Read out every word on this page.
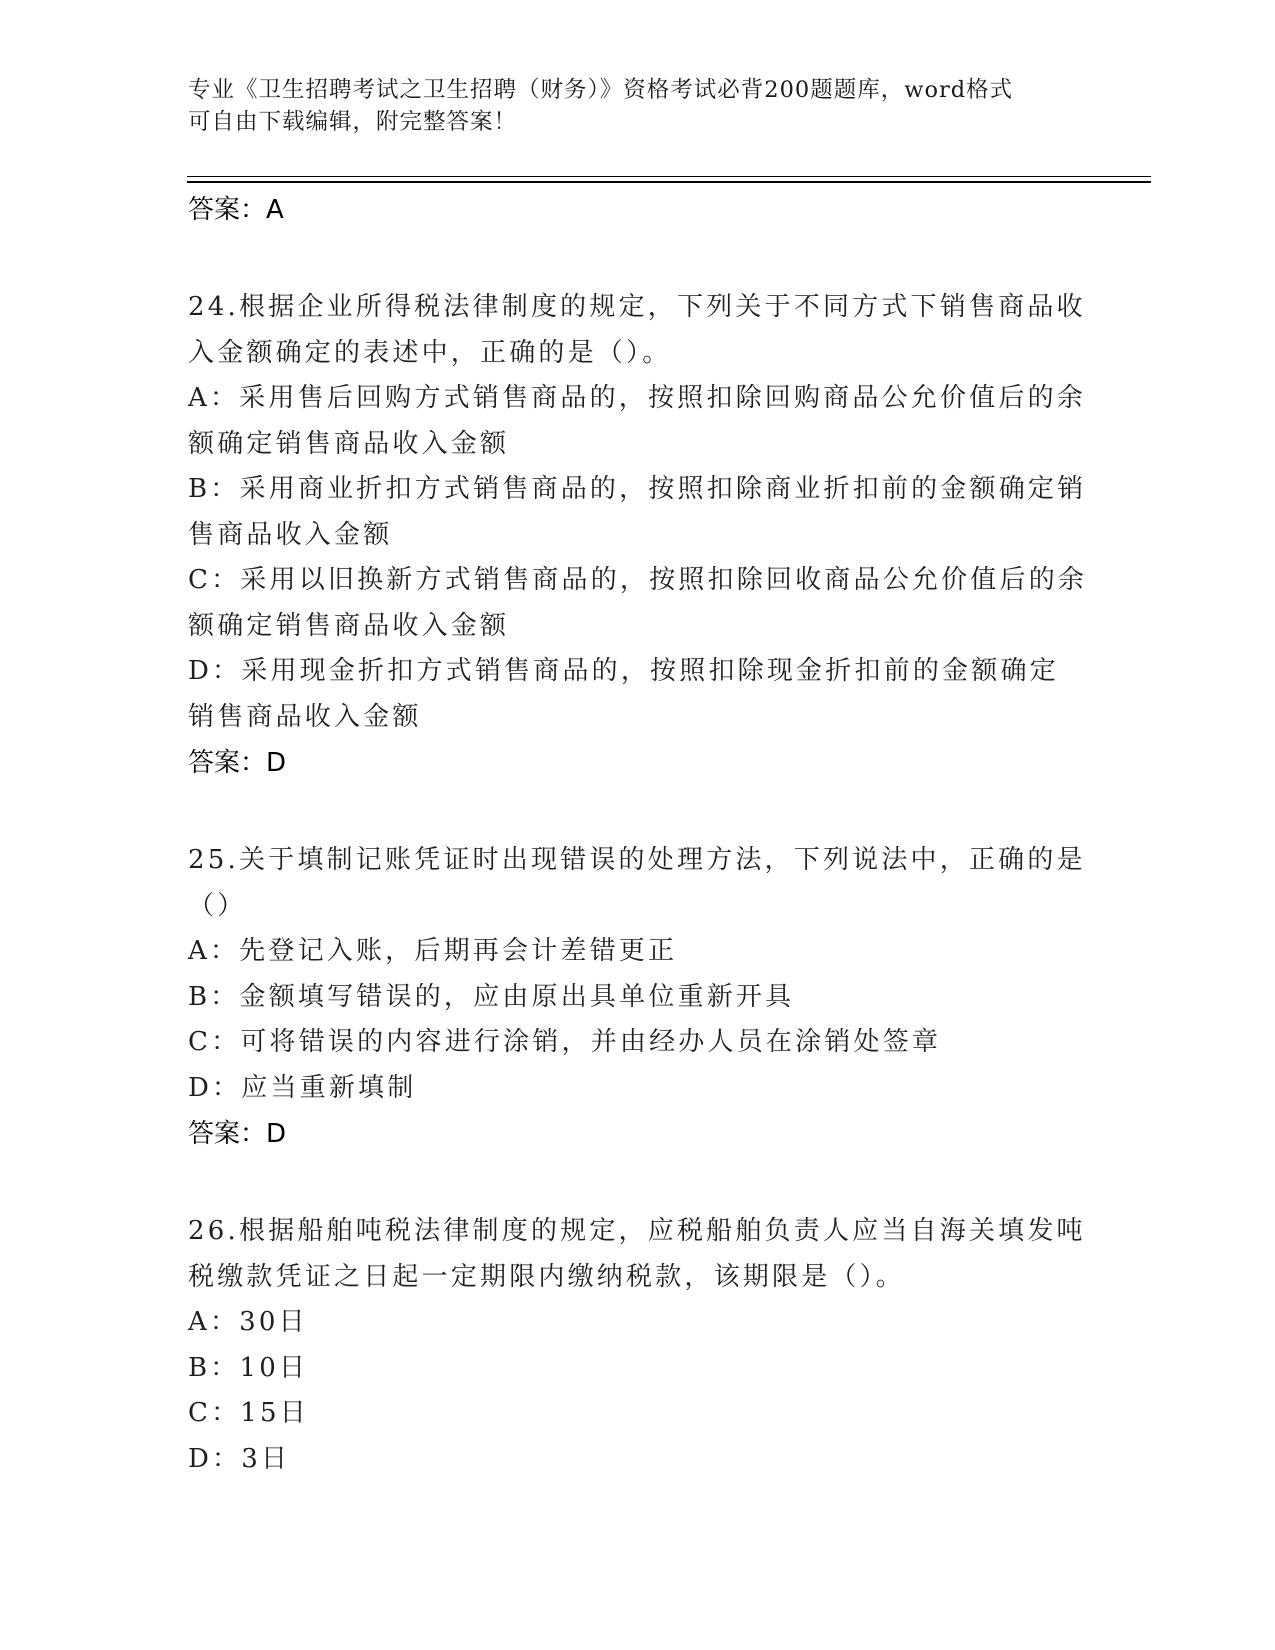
专业《卫生招聘考试之卫生招聘（财务）》资格考试必背200题题库，word格式
可自由下载编辑，附完整答案！
答案：A
24.根据企业所得税法律制度的规定，下列关于不同方式下销售商品收入金额确定的表述中，正确的是（）。
A：采用售后回购方式销售商品的，按照扣除回购商品公允价值后的余额确定销售商品收入金额
B：采用商业折扣方式销售商品的，按照扣除商业折扣前的金额确定销售商品收入金额
C：采用以旧换新方式销售商品的，按照扣除回收商品公允价值后的余额确定销售商品收入金额
D：采用现金折扣方式销售商品的，按照扣除现金折扣前的金额确定销售商品收入金额
答案：D
25.关于填制记账凭证时出现错误的处理方法，下列说法中，正确的是（）
A：先登记入账，后期再会计差错更正
B：金额填写错误的，应由原出具单位重新开具
C：可将错误的内容进行涂销，并由经办人员在涂销处签章
D：应当重新填制
答案：D
26.根据船舶吨税法律制度的规定，应税船舶负责人应当自海关填发吨税缴款凭证之日起一定期限内缴纳税款，该期限是（）。
A：30日
B：10日
C：15日
D：3日
